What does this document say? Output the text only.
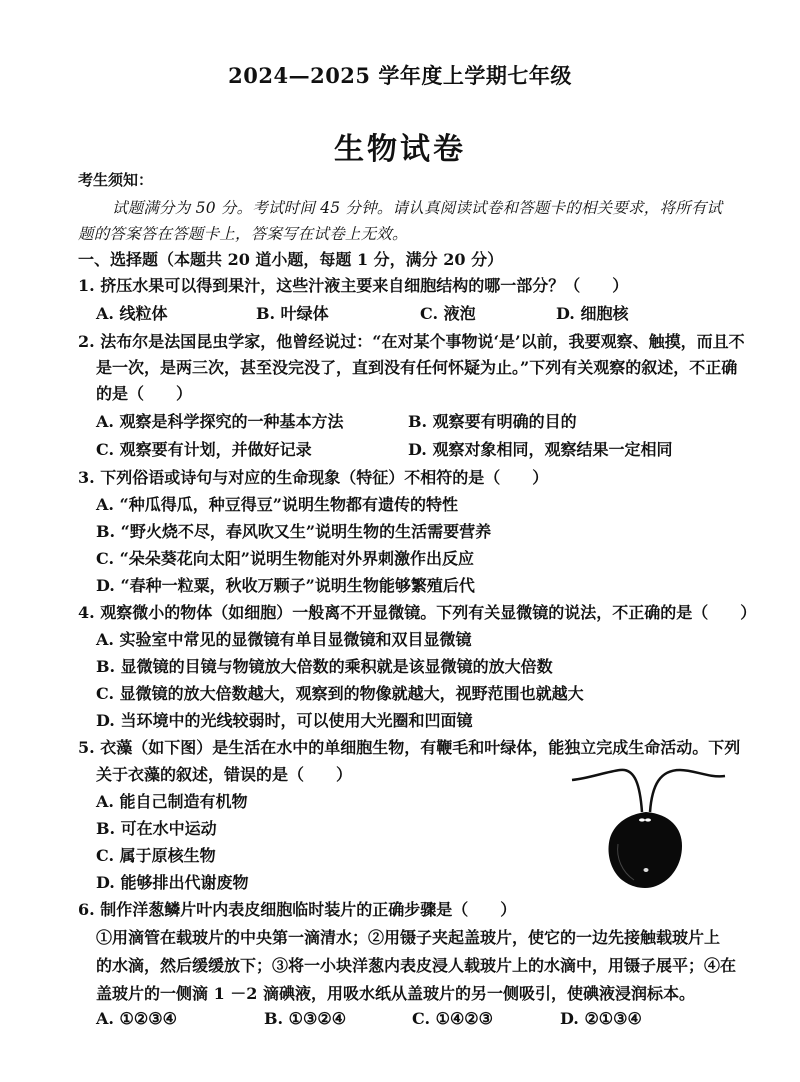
2024—2025 学年度上学期七年级
生物试卷
考生须知：
试题满分为 50 分。考试时间 45 分钟。请认真阅读试卷和答题卡的相关要求，将所有试
题的答案答在答题卡上，答案写在试卷上无效。
一、选择题（本题共 20 道小题，每题 1 分，满分 20 分）
1. 挤压水果可以得到果汁，这些汁液主要来自细胞结构的哪一部分？（　　）
A. 线粒体	B. 叶绿体	C. 液泡	D. 细胞核
2. 法布尔是法国昆虫学家，他曾经说过：“在对某个事物说‘是’以前，我要观察、触摸，而且不
是一次，是两三次，甚至没完没了，直到没有任何怀疑为止。”下列有关观察的叙述，不正确
的是（　　）
A. 观察是科学探究的一种基本方法	B. 观察要有明确的目的
C. 观察要有计划，并做好记录	D. 观察对象相同，观察结果一定相同
3. 下列俗语或诗句与对应的生命现象（特征）不相符的是（　　）
A. “种瓜得瓜，种豆得豆”说明生物都有遗传的特性
B. “野火烧不尽，春风吹又生”说明生物的生活需要营养
C. “朵朵葵花向太阳”说明生物能对外界刺激作出反应
D. “春种一粒粟，秋收万颗子”说明生物能够繁殖后代
4. 观察微小的物体（如细胞）一般离不开显微镜。下列有关显微镜的说法，不正确的是（　　）
A. 实验室中常见的显微镜有单目显微镜和双目显微镜
B. 显微镜的目镜与物镜放大倍数的乘积就是该显微镜的放大倍数
C. 显微镜的放大倍数越大，观察到的物像就越大，视野范围也就越大
D. 当环境中的光线较弱时，可以使用大光圈和凹面镜
5. 衣藻（如下图）是生活在水中的单细胞生物，有鞭毛和叶绿体，能独立完成生命活动。下列
关于衣藻的叙述，错误的是（　　）
A. 能自己制造有机物
B. 可在水中运动
C. 属于原核生物
D. 能够排出代谢废物
6. 制作洋葱鳞片叶内表皮细胞临时装片的正确步骤是（　　）
①用滴管在载玻片的中央第一滴清水；②用镊子夹起盖玻片，使它的一边先接触载玻片上
的水滴，然后缓缓放下；③将一小块洋葱内表皮浸人载玻片上的水滴中，用镊子展平；④在
盖玻片的一侧滴 1 －2 滴碘液，用吸水纸从盖玻片的另一侧吸引，使碘液浸润标本。
A. ①②③④	B. ①③②④	C. ①④②③	D. ②①③④
